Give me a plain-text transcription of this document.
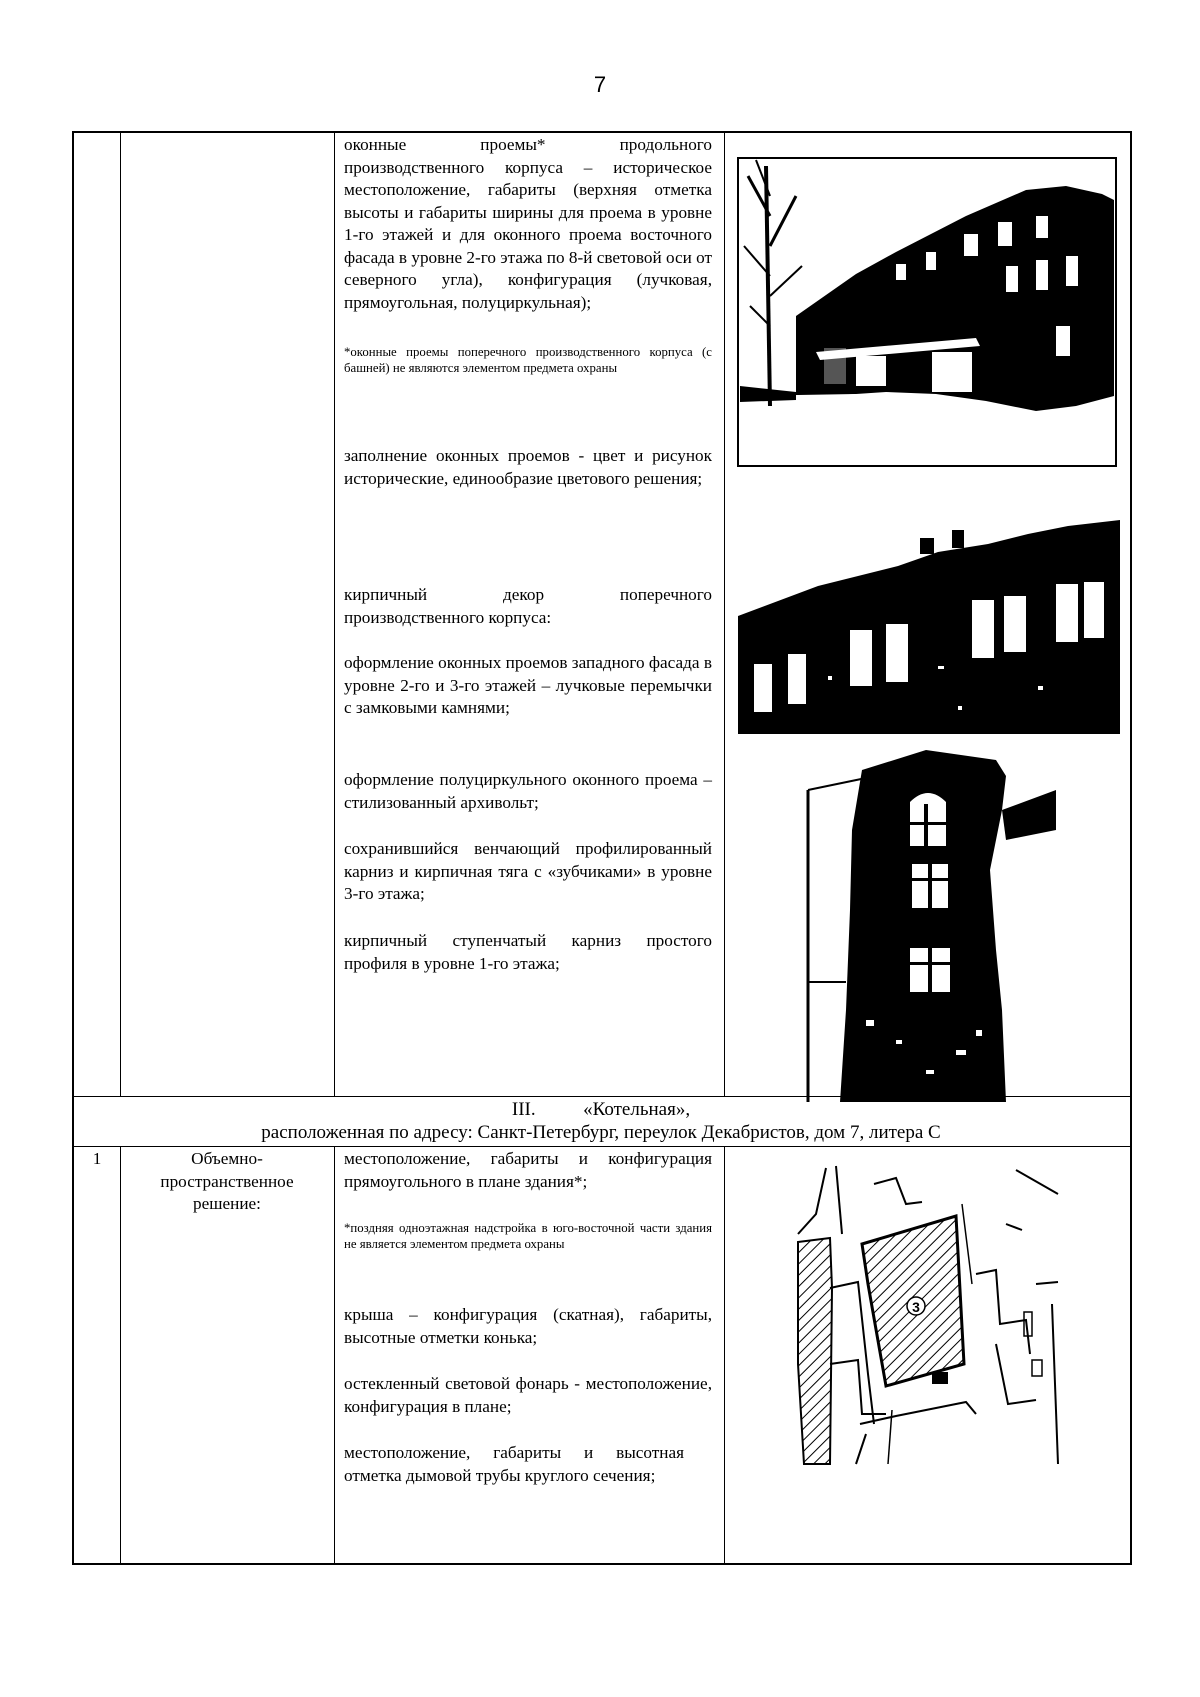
7
оконные проемы* продольного производственного корпуса – историческое местоположение, габариты (верхняя отметка высоты и габариты ширины для проема в уровне 1-го этажей и для оконного проема восточного фасада в уровне 2-го этажа по 8-й световой оси от северного угла), конфигурация (лучковая, прямоугольная, полуциркульная);
*оконные проемы поперечного производственного корпуса (с башней) не являются элементом предмета охраны
заполнение оконных проемов - цвет и рисунок исторические, единообразие цветового решения;
кирпичный декор поперечного производственного корпуса:
оформление оконных проемов западного фасада в уровне 2-го и 3-го этажей – лучковые перемычки с замковыми камнями;
оформление полуциркульного оконного проема – стилизованный архивольт;
сохранившийся венчающий профилированный карниз и кирпичная тяга с «зубчиками» в уровне 3-го этажа;
кирпичный ступенчатый карниз простого профиля в уровне 1-го этажа;
III.          «Котельная»,
расположенная по адресу: Санкт-Петербург, переулок Декабристов, дом 7, литера С
1	Объемно-пространственное решение:
местоположение, габариты и конфигурация прямоугольного в плане здания*;
*поздняя одноэтажная надстройка в юго-восточной части здания не является элементом предмета охраны
крыша – конфигурация (скатная), габариты, высотные отметки конька;
остекленный световой фонарь - местоположение, конфигурация в плане;
местоположение, габариты и высотная отметка дымовой трубы круглого сечения;
3
